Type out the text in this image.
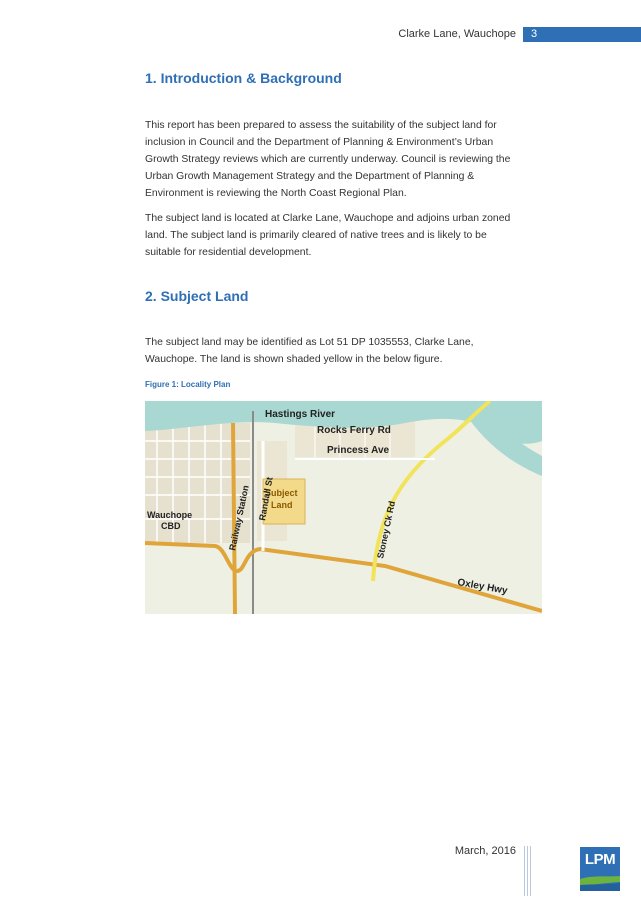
Clarke Lane, Wauchope	3
1. Introduction & Background

This report has been prepared to assess the suitability of the subject land for inclusion in Council and the Department of Planning & Environment’s Urban Growth Strategy reviews which are currently underway. Council is reviewing the Urban Growth Management Strategy and the Department of Planning & Environment is reviewing the North Coast Regional Plan.

The subject land is located at Clarke Lane, Wauchope and adjoins urban zoned land. The subject land is primarily cleared of native trees and is likely to be suitable for residential development.

2. Subject Land

The subject land may be identified as Lot 51 DP 1035553, Clarke Lane, Wauchope. The land is shown shaded yellow in the below figure.

Figure 1: Locality Plan
Hastings River
Rocks Ferry Rd
Princess Ave
Subject
Land
Wauchope
CBD
Oxley Hwy
Randall St
Railway Station	Stoney Ck Rd
March, 2016	LPM
